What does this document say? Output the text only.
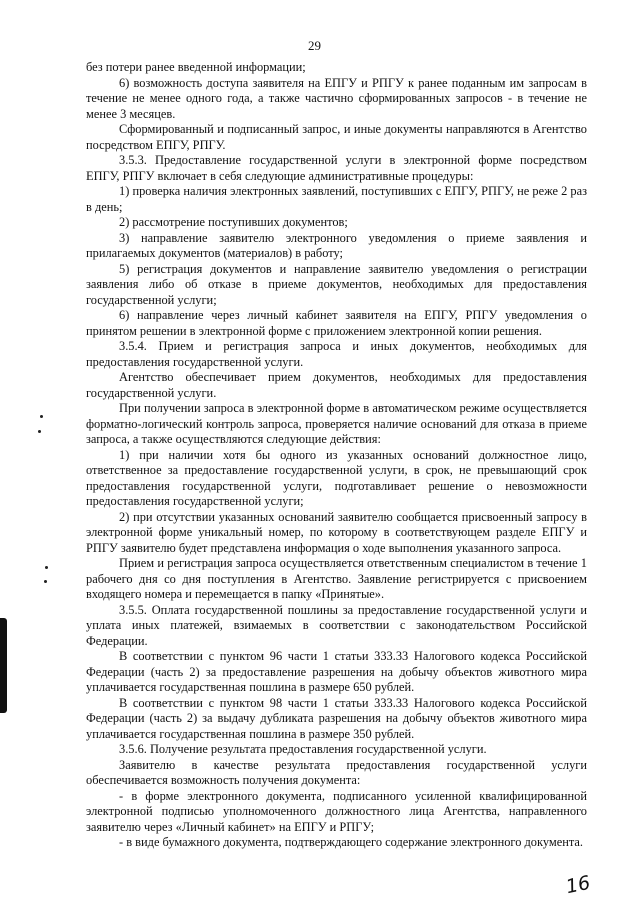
29

без потери ранее введенной информации;

6) возможность доступа заявителя на ЕПГУ и РПГУ к ранее поданным им запросам в течение не менее одного года, а также частично сформированных запросов - в течение не менее 3 месяцев.

Сформированный и подписанный запрос, и иные документы направляются в Агентство посредством ЕПГУ, РПГУ.

3.5.3. Предоставление государственной услуги в электронной форме посредством ЕПГУ, РПГУ включает в себя следующие административные процедуры:

1) проверка наличия электронных заявлений, поступивших с ЕПГУ, РПГУ, не реже 2 раз в день;

2) рассмотрение поступивших документов;

3) направление заявителю электронного уведомления о приеме заявления и прилагаемых документов (материалов) в работу;

5) регистрация документов и направление заявителю уведомления о регистрации заявления либо об отказе в приеме документов, необходимых для предоставления государственной услуги;

6) направление через личный кабинет заявителя на ЕПГУ, РПГУ уведомления о принятом решении в электронной форме с приложением электронной копии решения.

3.5.4. Прием и регистрация запроса и иных документов, необходимых для предоставления государственной услуги.

Агентство обеспечивает прием документов, необходимых для предоставления государственной услуги.

При получении запроса в электронной форме в автоматическом режиме осуществляется форматно-логический контроль запроса, проверяется наличие оснований для отказа в приеме запроса, а также осуществляются следующие действия:

1) при наличии хотя бы одного из указанных оснований должностное лицо, ответственное за предоставление государственной услуги, в срок, не превышающий срок предоставления государственной услуги, подготавливает решение о невозможности предоставления государственной услуги;

2) при отсутствии указанных оснований заявителю сообщается присвоенный запросу в электронной форме уникальный номер, по которому в соответствующем разделе ЕПГУ и РПГУ заявителю будет представлена информация о ходе выполнения указанного запроса.

Прием и регистрация запроса осуществляется ответственным специалистом в течение 1 рабочего дня со дня поступления в Агентство. Заявление регистрируется с присвоением входящего номера и перемещается в папку «Принятые».

3.5.5. Оплата государственной пошлины за предоставление государственной услуги и уплата иных платежей, взимаемых в соответствии с законодательством Российской Федерации.

В соответствии с пунктом 96 части 1 статьи 333.33 Налогового кодекса Российской Федерации (часть 2) за предоставление разрешения на добычу объектов животного мира уплачивается государственная пошлина в размере 650 рублей.

В соответствии с пунктом 98 части 1 статьи 333.33 Налогового кодекса Российской Федерации (часть 2) за выдачу дубликата разрешения на добычу объектов животного мира уплачивается государственная пошлина в размере 350 рублей.

3.5.6. Получение результата предоставления государственной услуги.

Заявителю в качестве результата предоставления государственной услуги обеспечивается возможность получения документа:

- в форме электронного документа, подписанного усиленной квалифицированной электронной подписью уполномоченного должностного лица Агентства, направленного заявителю через «Личный кабинет» на ЕПГУ и РПГУ;

- в виде бумажного документа, подтверждающего содержание электронного документа.

16
